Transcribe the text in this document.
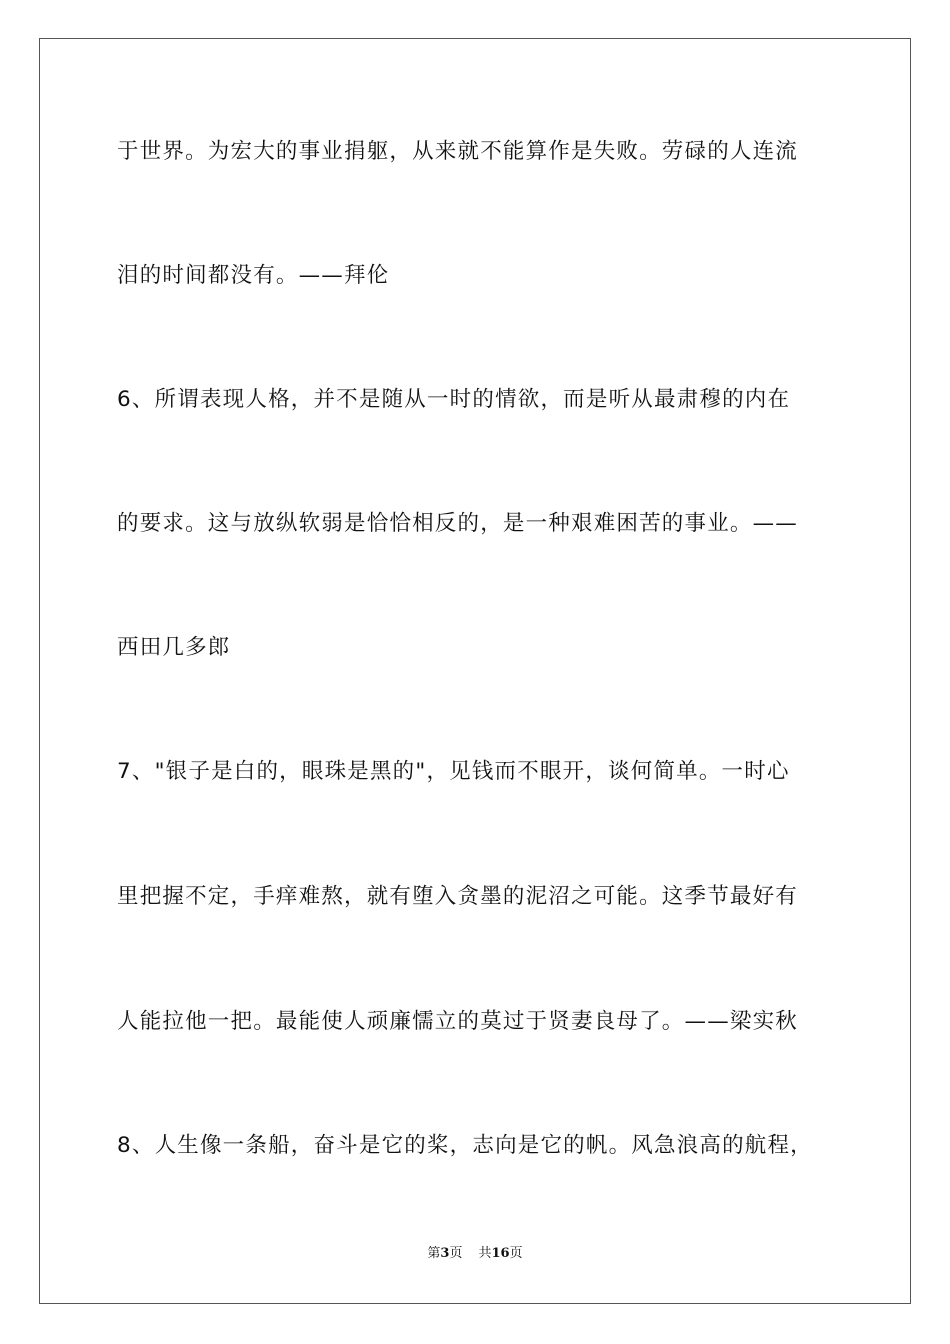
于世界。为宏大的事业捐躯，从来就不能算作是失败。劳碌的人连流
泪的时间都没有。——拜伦
6、所谓表现人格，并不是随从一时的情欲，而是听从最肃穆的内在
的要求。这与放纵软弱是恰恰相反的，是一种艰难困苦的事业。——
西田几多郎
7、"银子是白的，眼珠是黑的"，见钱而不眼开，谈何简单。一时心
里把握不定，手痒难熬，就有堕入贪墨的泥沼之可能。这季节最好有
人能拉他一把。最能使人顽廉懦立的莫过于贤妻良母了。——梁实秋
8、人生像一条船，奋斗是它的桨，志向是它的帆。风急浪高的航程，
第3页 共16页
